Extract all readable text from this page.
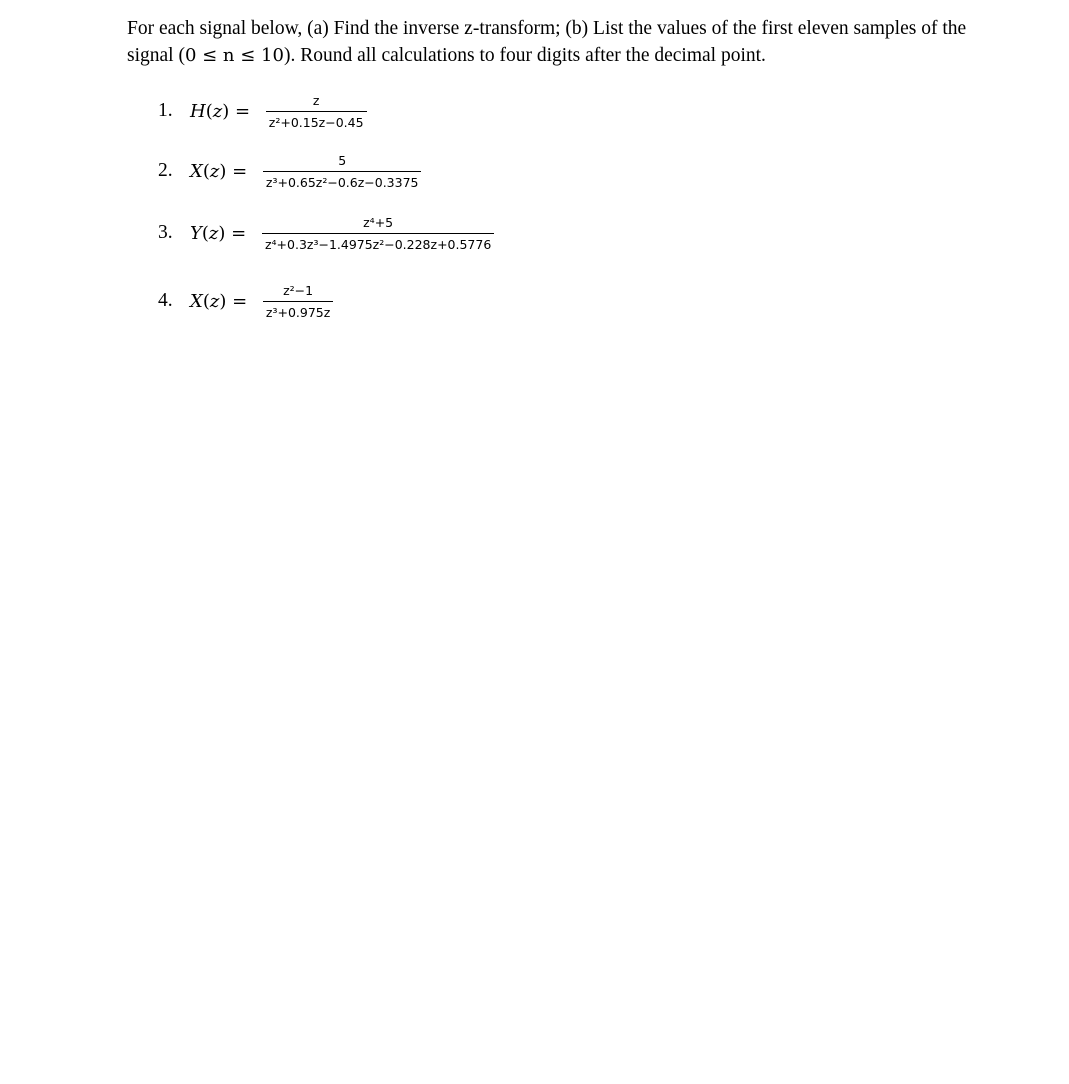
For each signal below, (a) Find the inverse z-transform; (b) List the values of the first eleven samples of the signal (0 ≤ n ≤ 10). Round all calculations to four digits after the decimal point.
1. H ( z ) = $\frac{z}{\text{z²+0.15z−0.45}}$
2. X ( z ) = $\frac{5}{\text{z³+0.65z²−0.6z−0.3375}}$
3. Y ( z ) = $\frac{\text{z⁴+5}}{\text{z⁴+0.3z³−1.4975z²−0.228z+0.5776}}$
4. X ( z ) = $\frac{\text{z²−1}}{\text{z³+0.975z}}$
